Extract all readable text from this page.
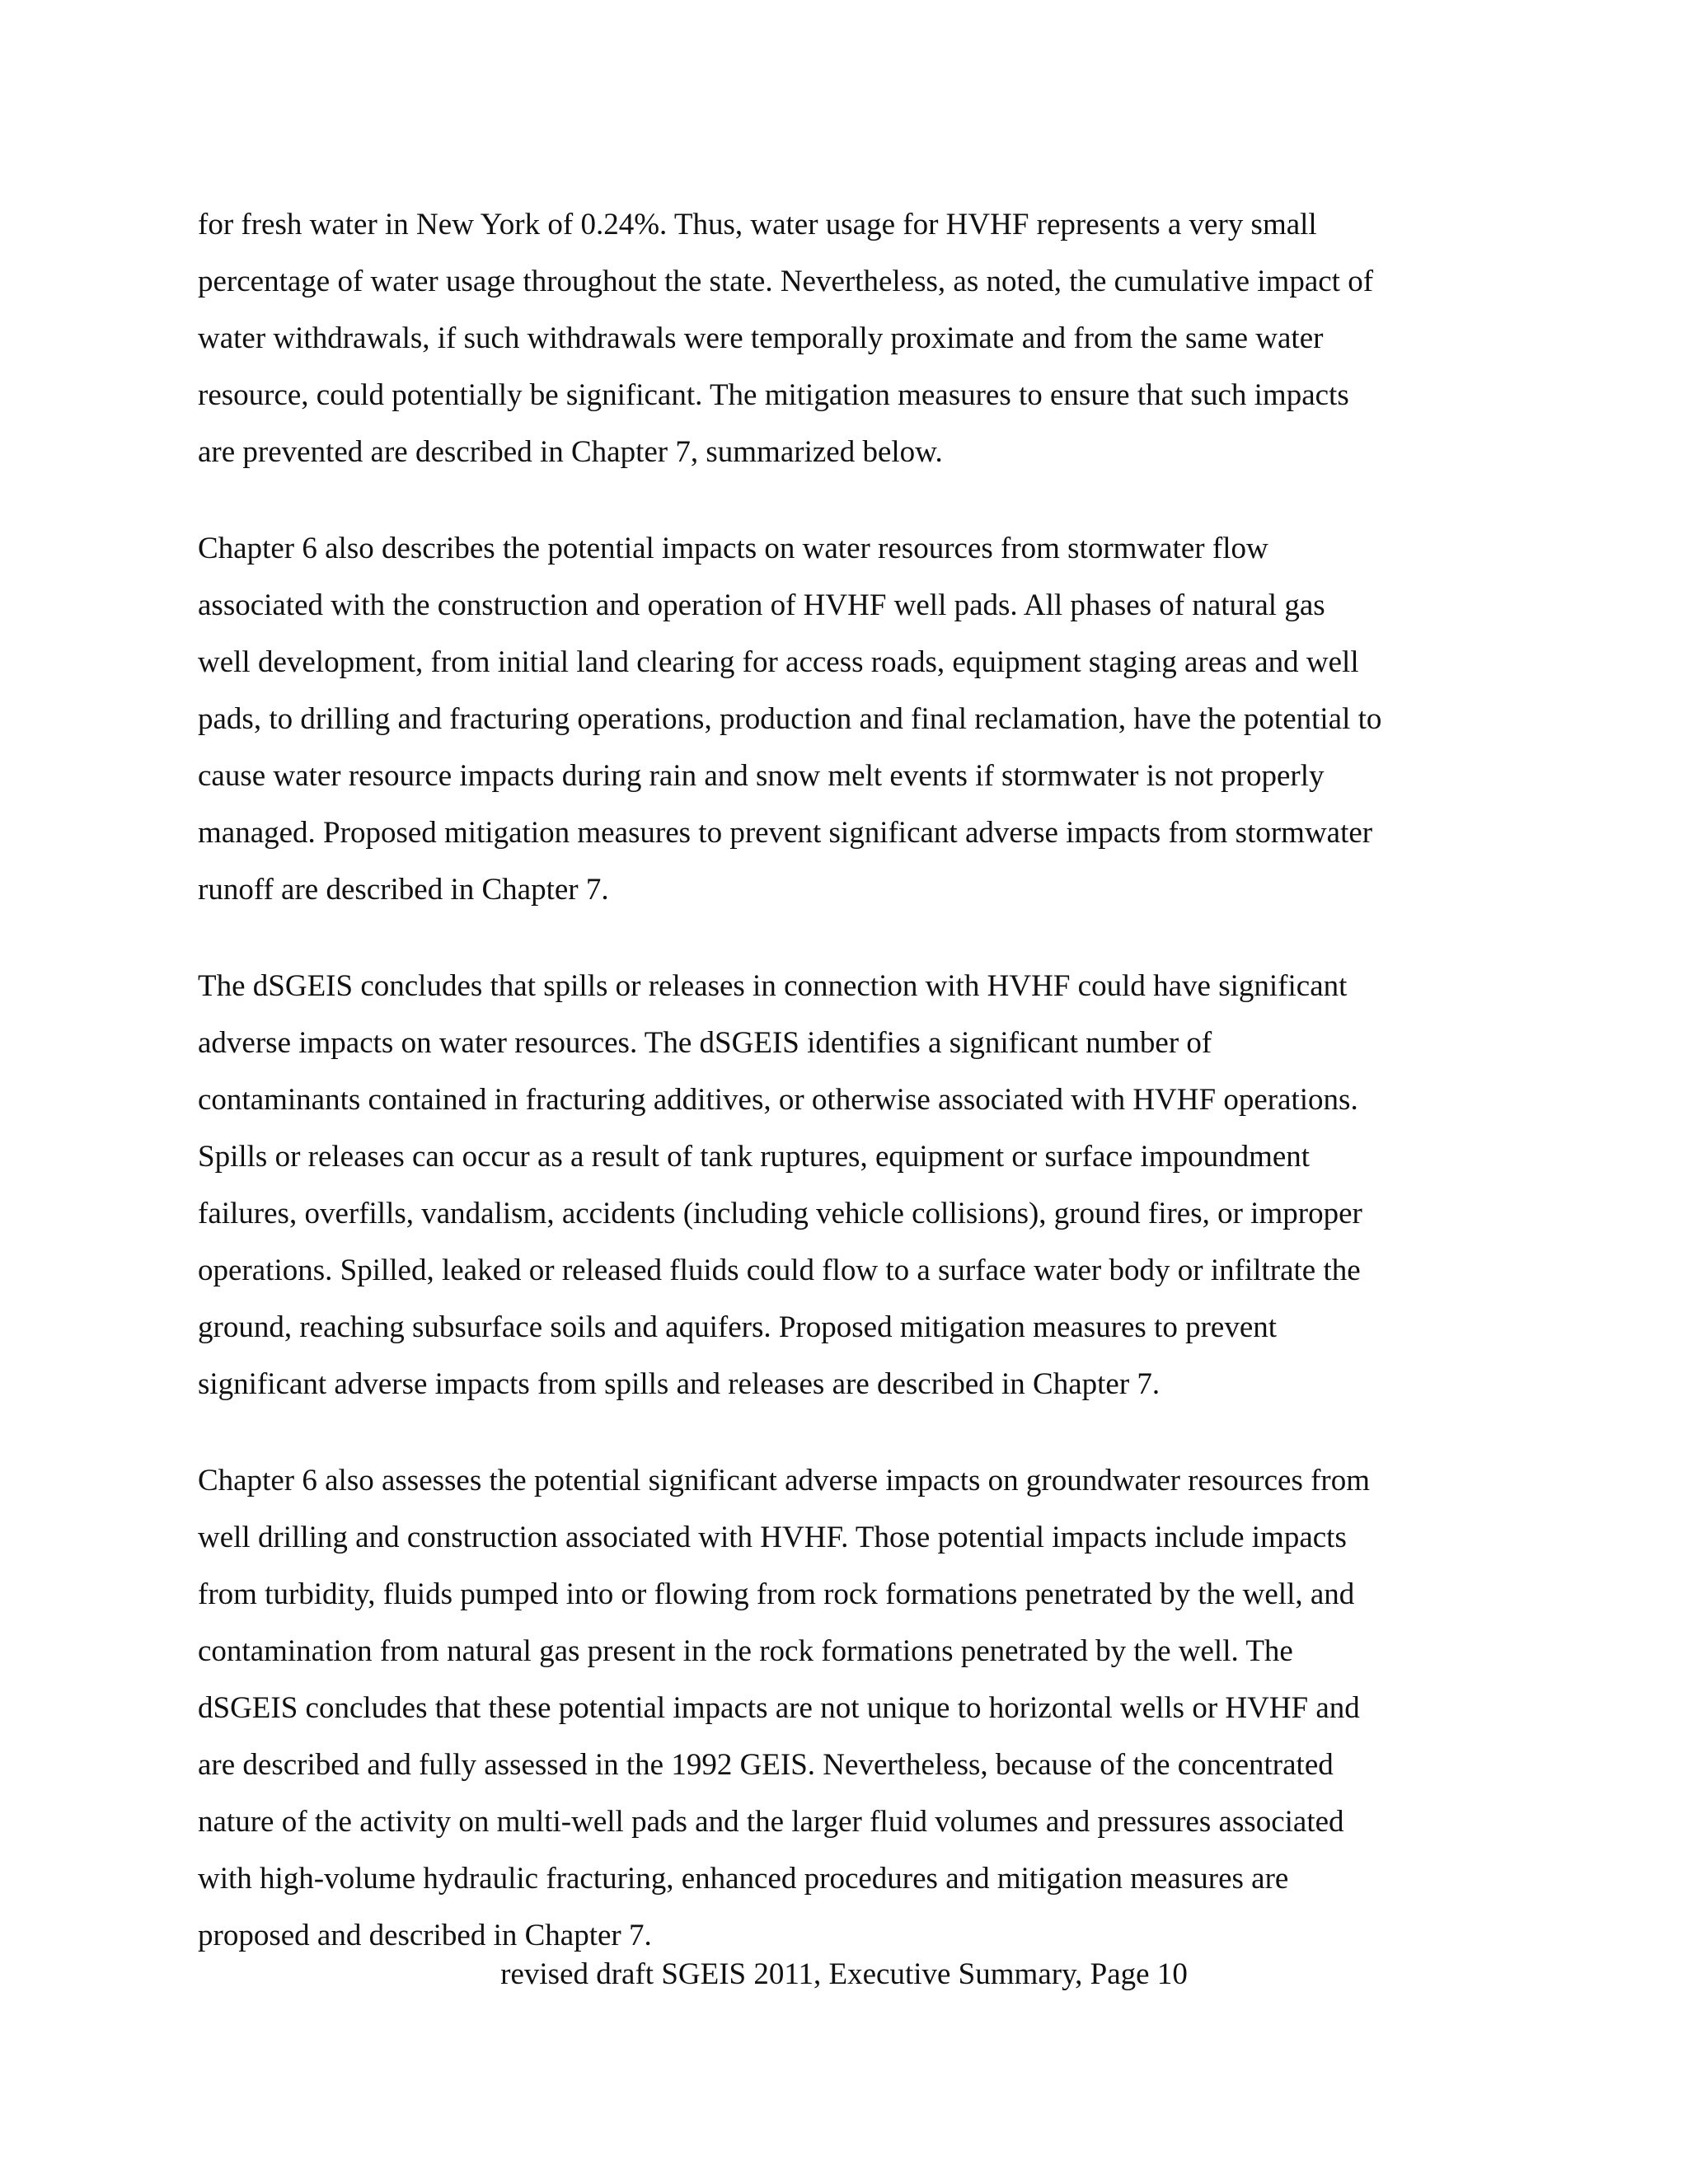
for fresh water in New York of 0.24%. Thus, water usage for HVHF represents a very small
percentage of water usage throughout the state. Nevertheless, as noted, the cumulative impact of
water withdrawals, if such withdrawals were temporally proximate and from the same water
resource, could potentially be significant. The mitigation measures to ensure that such impacts
are prevented are described in Chapter 7, summarized below.

Chapter 6 also describes the potential impacts on water resources from stormwater flow
associated with the construction and operation of HVHF well pads. All phases of natural gas
well development, from initial land clearing for access roads, equipment staging areas and well
pads, to drilling and fracturing operations, production and final reclamation, have the potential to
cause water resource impacts during rain and snow melt events if stormwater is not properly
managed. Proposed mitigation measures to prevent significant adverse impacts from stormwater
runoff are described in Chapter 7.

The dSGEIS concludes that spills or releases in connection with HVHF could have significant
adverse impacts on water resources. The dSGEIS identifies a significant number of
contaminants contained in fracturing additives, or otherwise associated with HVHF operations.
Spills or releases can occur as a result of tank ruptures, equipment or surface impoundment
failures, overfills, vandalism, accidents (including vehicle collisions), ground fires, or improper
operations. Spilled, leaked or released fluids could flow to a surface water body or infiltrate the
ground, reaching subsurface soils and aquifers. Proposed mitigation measures to prevent
significant adverse impacts from spills and releases are described in Chapter 7.

Chapter 6 also assesses the potential significant adverse impacts on groundwater resources from
well drilling and construction associated with HVHF. Those potential impacts include impacts
from turbidity, fluids pumped into or flowing from rock formations penetrated by the well, and
contamination from natural gas present in the rock formations penetrated by the well. The
dSGEIS concludes that these potential impacts are not unique to horizontal wells or HVHF and
are described and fully assessed in the 1992 GEIS. Nevertheless, because of the concentrated
nature of the activity on multi-well pads and the larger fluid volumes and pressures associated
with high-volume hydraulic fracturing, enhanced procedures and mitigation measures are
proposed and described in Chapter 7.

revised draft SGEIS 2011, Executive Summary, Page 10
